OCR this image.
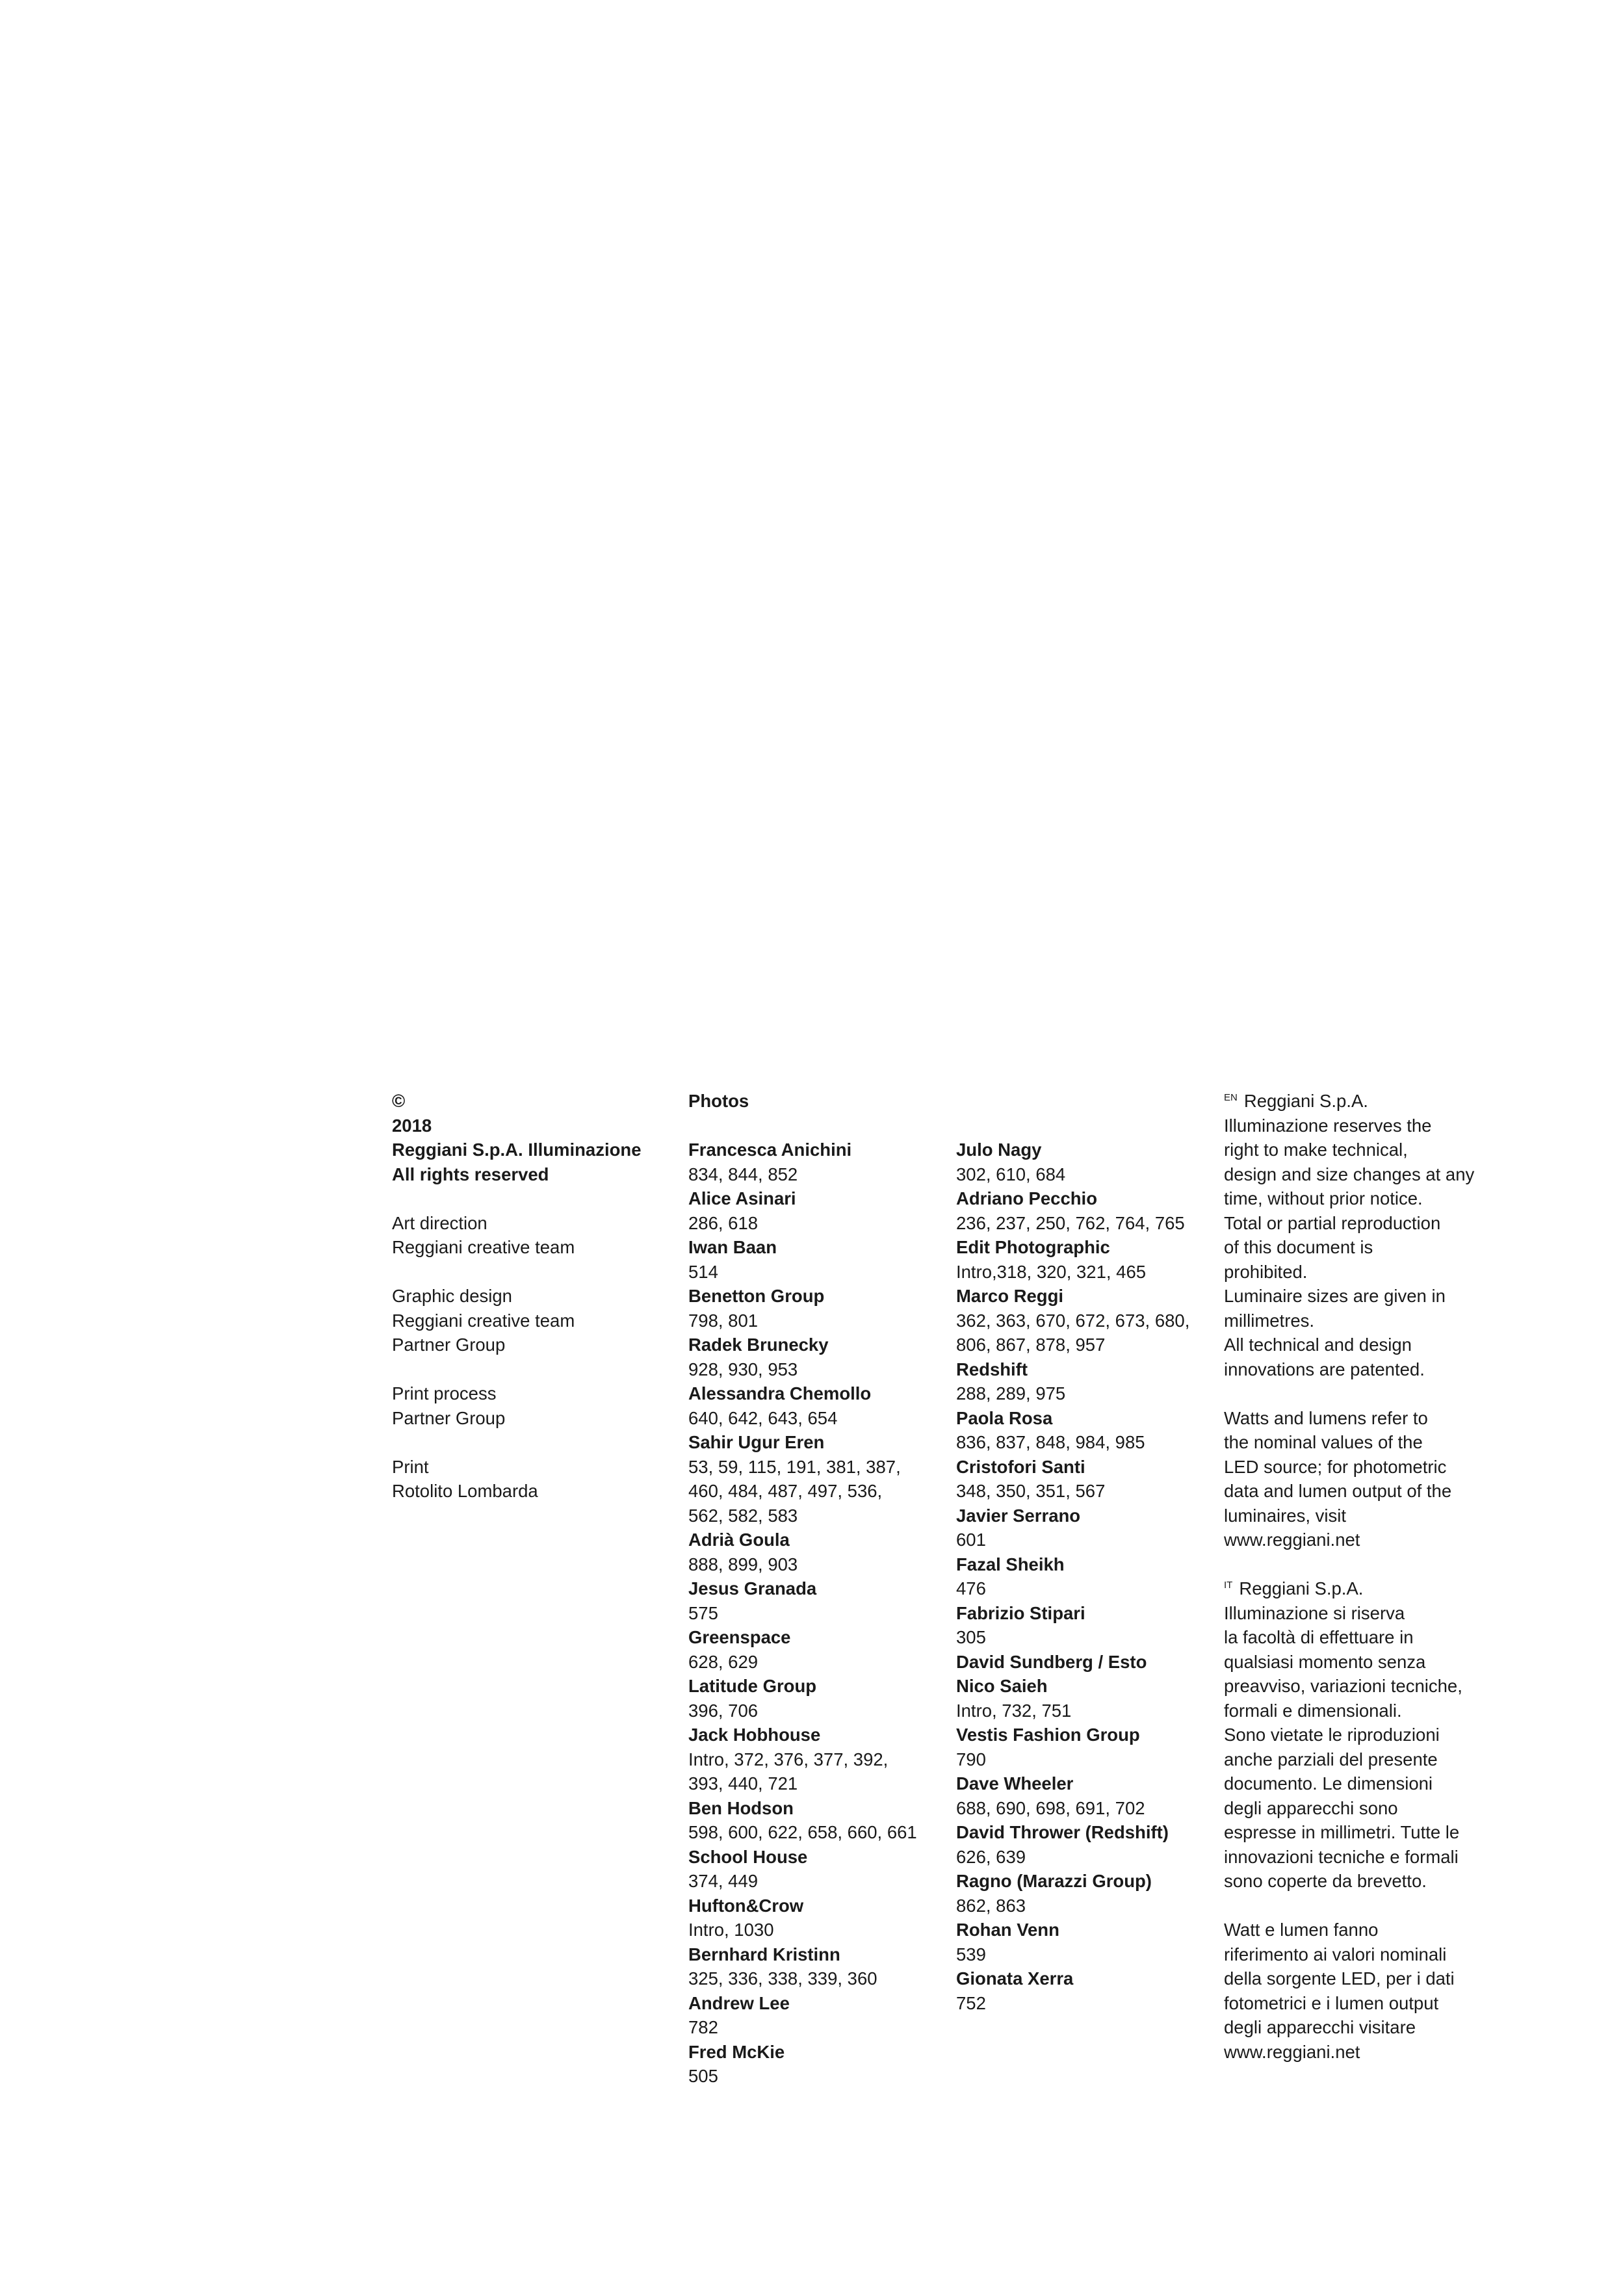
©
2018
Reggiani S.p.A. Illuminazione
All rights reserved
Art direction
Reggiani creative team
Graphic design
Reggiani creative team
Partner Group
Print process
Partner Group
Print
Rotolito Lombarda
Photos
Francesca Anichini
834, 844, 852
Alice Asinari
286, 618
Iwan Baan
514
Benetton Group
798, 801
Radek Brunecky
928, 930, 953
Alessandra Chemollo
640, 642, 643, 654
Sahir Ugur Eren
53, 59, 115, 191, 381, 387,
460, 484, 487, 497, 536,
562, 582, 583
Adrià Goula
888, 899, 903
Jesus Granada
575
Greenspace
628, 629
Latitude Group
396, 706
Jack Hobhouse
Intro, 372, 376, 377, 392,
393, 440, 721
Ben Hodson
598, 600, 622, 658, 660, 661
School House
374, 449
Hufton&Crow
Intro, 1030
Bernhard Kristinn
325, 336, 338, 339, 360
Andrew Lee
782
Fred McKie
505
Julo Nagy
302, 610, 684
Adriano Pecchio
236, 237, 250, 762, 764, 765
Edit Photographic
Intro,318, 320, 321, 465
Marco Reggi
362, 363, 670, 672, 673, 680,
806, 867, 878, 957
Redshift
288, 289, 975
Paola Rosa
836, 837, 848, 984, 985
Cristofori Santi
348, 350, 351, 567
Javier Serrano
601
Fazal Sheikh
476
Fabrizio Stipari
305
David Sundberg / Esto
Nico Saieh
Intro, 732, 751
Vestis Fashion Group
790
Dave Wheeler
688, 690, 698, 691, 702
David Thrower (Redshift)
626, 639
Ragno (Marazzi Group)
862, 863
Rohan Venn
539
Gionata Xerra
752
$^{EN}$ Reggiani S.p.A.
Illuminazione reserves the
right to make technical,
design and size changes at any
time, without prior notice.
Total or partial reproduction
of this document is
prohibited.
Luminaire sizes are given in
millimetres.
All technical and design
innovations are patented.
Watts and lumens refer to
the nominal values of the
LED source; for photometric
data and lumen output of the
luminaires, visit
www.reggiani.net
$^{IT}$ Reggiani S.p.A.
Illuminazione si riserva
la facoltà di effettuare in
qualsiasi momento senza
preavviso, variazioni tecniche,
formali e dimensionali.
Sono vietate le riproduzioni
anche parziali del presente
documento. Le dimensioni
degli apparecchi sono
espresse in millimetri. Tutte le
innovazioni tecniche e formali
sono coperte da brevetto.
Watt e lumen fanno
riferimento ai valori nominali
della sorgente LED, per i dati
fotometrici e i lumen output
degli apparecchi visitare
www.reggiani.net
